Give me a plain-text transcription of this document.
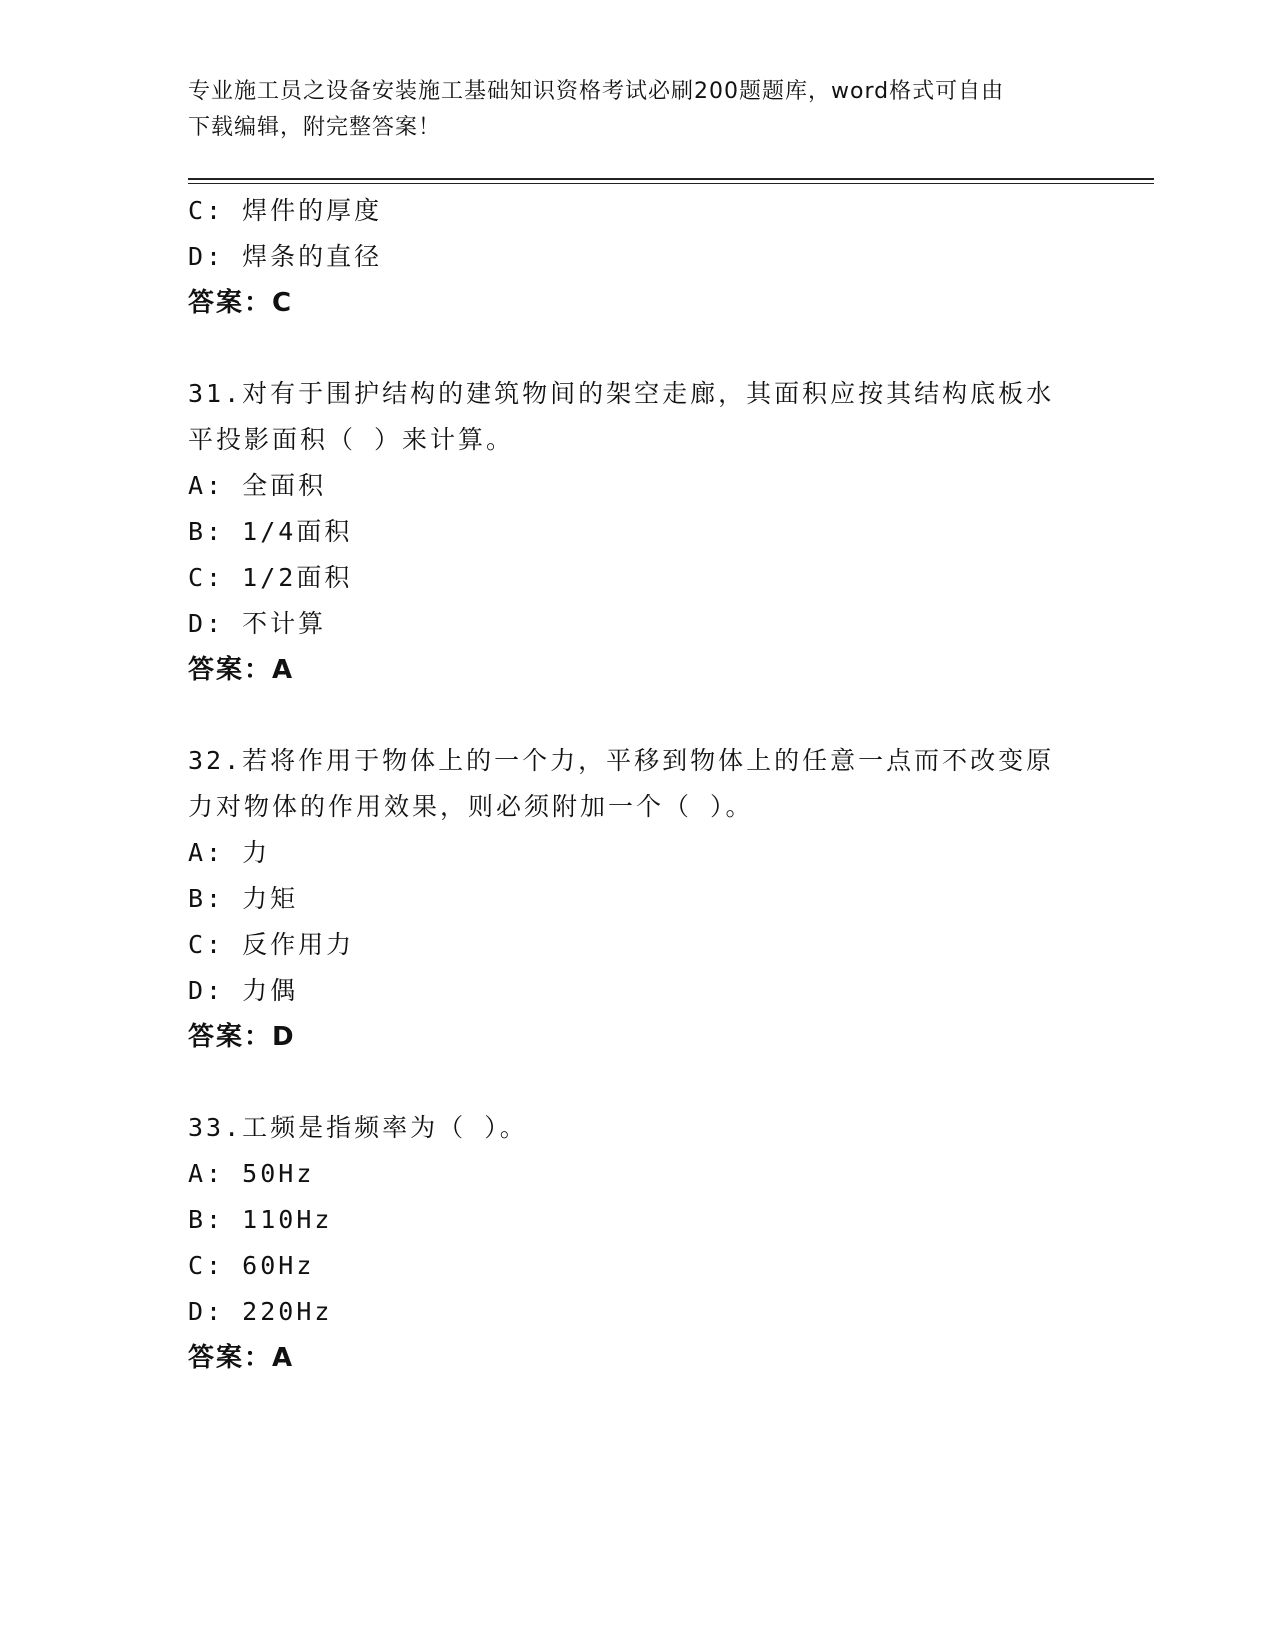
专业施工员之设备安装施工基础知识资格考试必刷200题题库，word格式可自由
下载编辑，附完整答案！
C: 焊件的厚度
D: 焊条的直径
答案：C
31.对有于围护结构的建筑物间的架空走廊，其面积应按其结构底板水
平投影面积（ ）来计算。
A: 全面积
B: 1/4面积
C: 1/2面积
D: 不计算
答案：A
32.若将作用于物体上的一个力，平移到物体上的任意一点而不改变原
力对物体的作用效果，则必须附加一个（ ）。
A: 力
B: 力矩
C: 反作用力
D: 力偶
答案：D
33.工频是指频率为（ ）。
A: 50Hz
B: 110Hz
C: 60Hz
D: 220Hz
答案：A
